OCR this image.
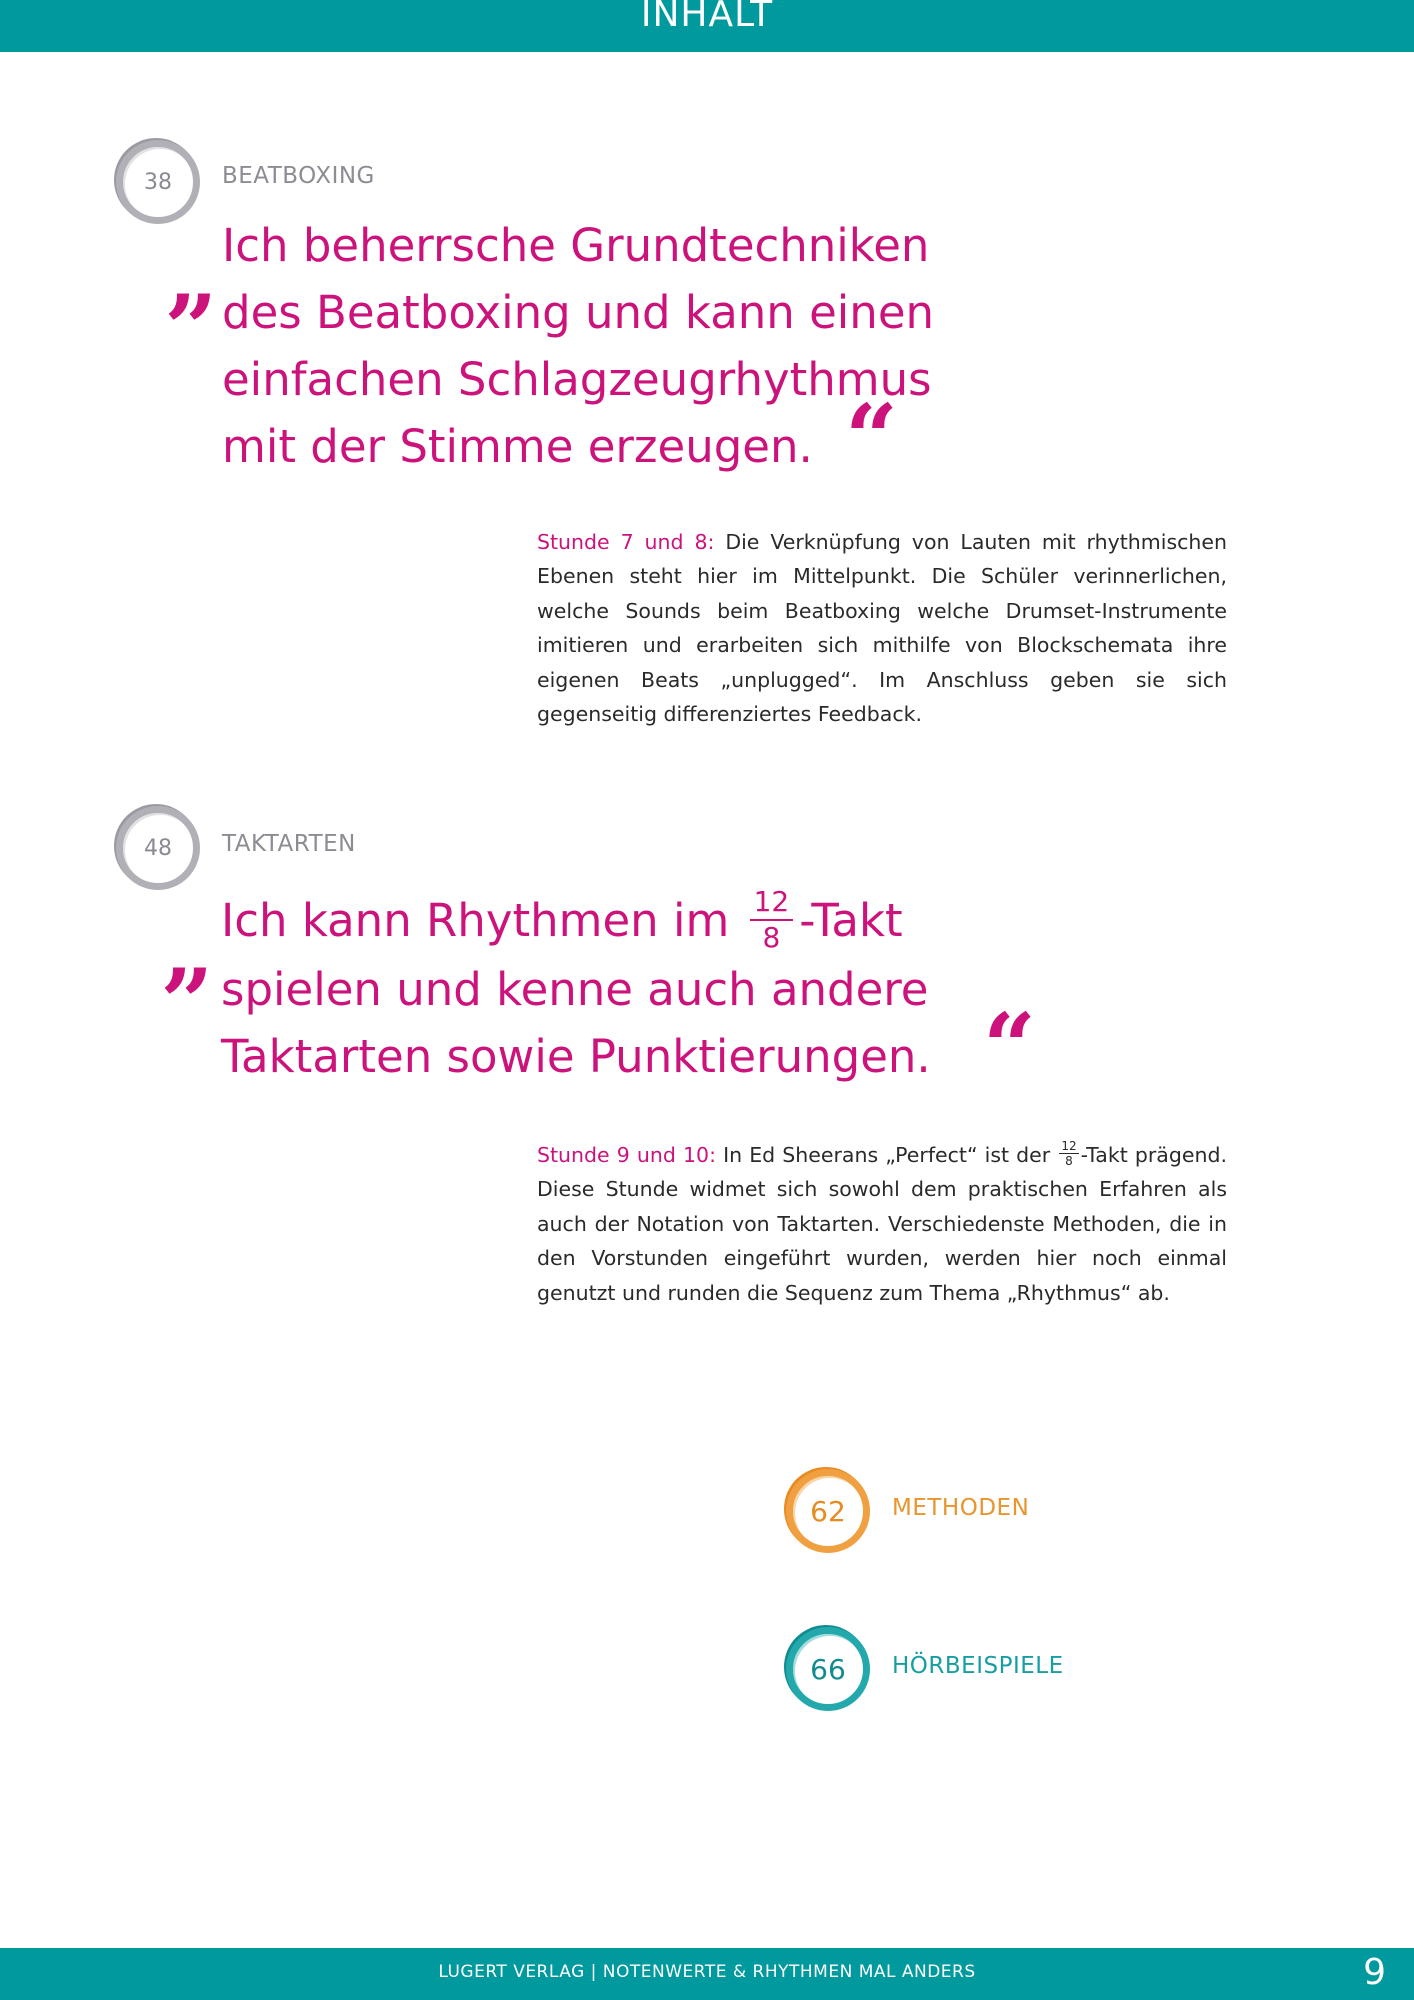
INHALT
38 BEATBOXING
„ Ich beherrsche Grundtechniken
des Beatboxing und kann einen
einfachen Schlagzeugrhythmus
mit der Stimme erzeugen. “
Stunde 7 und 8: Die Verknüpfung von Lauten mit rhythmischen Ebenen steht hier im Mittelpunkt. Die Schüler verinnerlichen, welche Sounds beim Beatboxing welche Drumset-Instrumente imitieren und erarbeiten sich mithilfe von Blockschemata ihre eigenen Beats „unplugged“. Im Anschluss geben sie sich gegenseitig differenziertes Feedback.
48 TAKTARTEN
„ Ich kann Rhythmen im $\frac{12}{8}$ -Takt
spielen und kenne auch andere
Taktarten sowie Punktierungen. “
Stunde 9 und 10: In Ed Sheerans „Perfect“ ist der $\frac{12}{8}$ -Takt prägend. Diese Stunde widmet sich sowohl dem praktischen Erfahren als auch der Notation von Taktarten. Verschiedenste Methoden, die in den Vorstunden eingeführt wurden, werden hier noch einmal genutzt und runden die Sequenz zum Thema „Rhythmus“ ab.
62 METHODEN
66 HÖRBEISPIELE
LUGERT VERLAG | NOTENWERTE & RHYTHMEN MAL ANDERS	9
